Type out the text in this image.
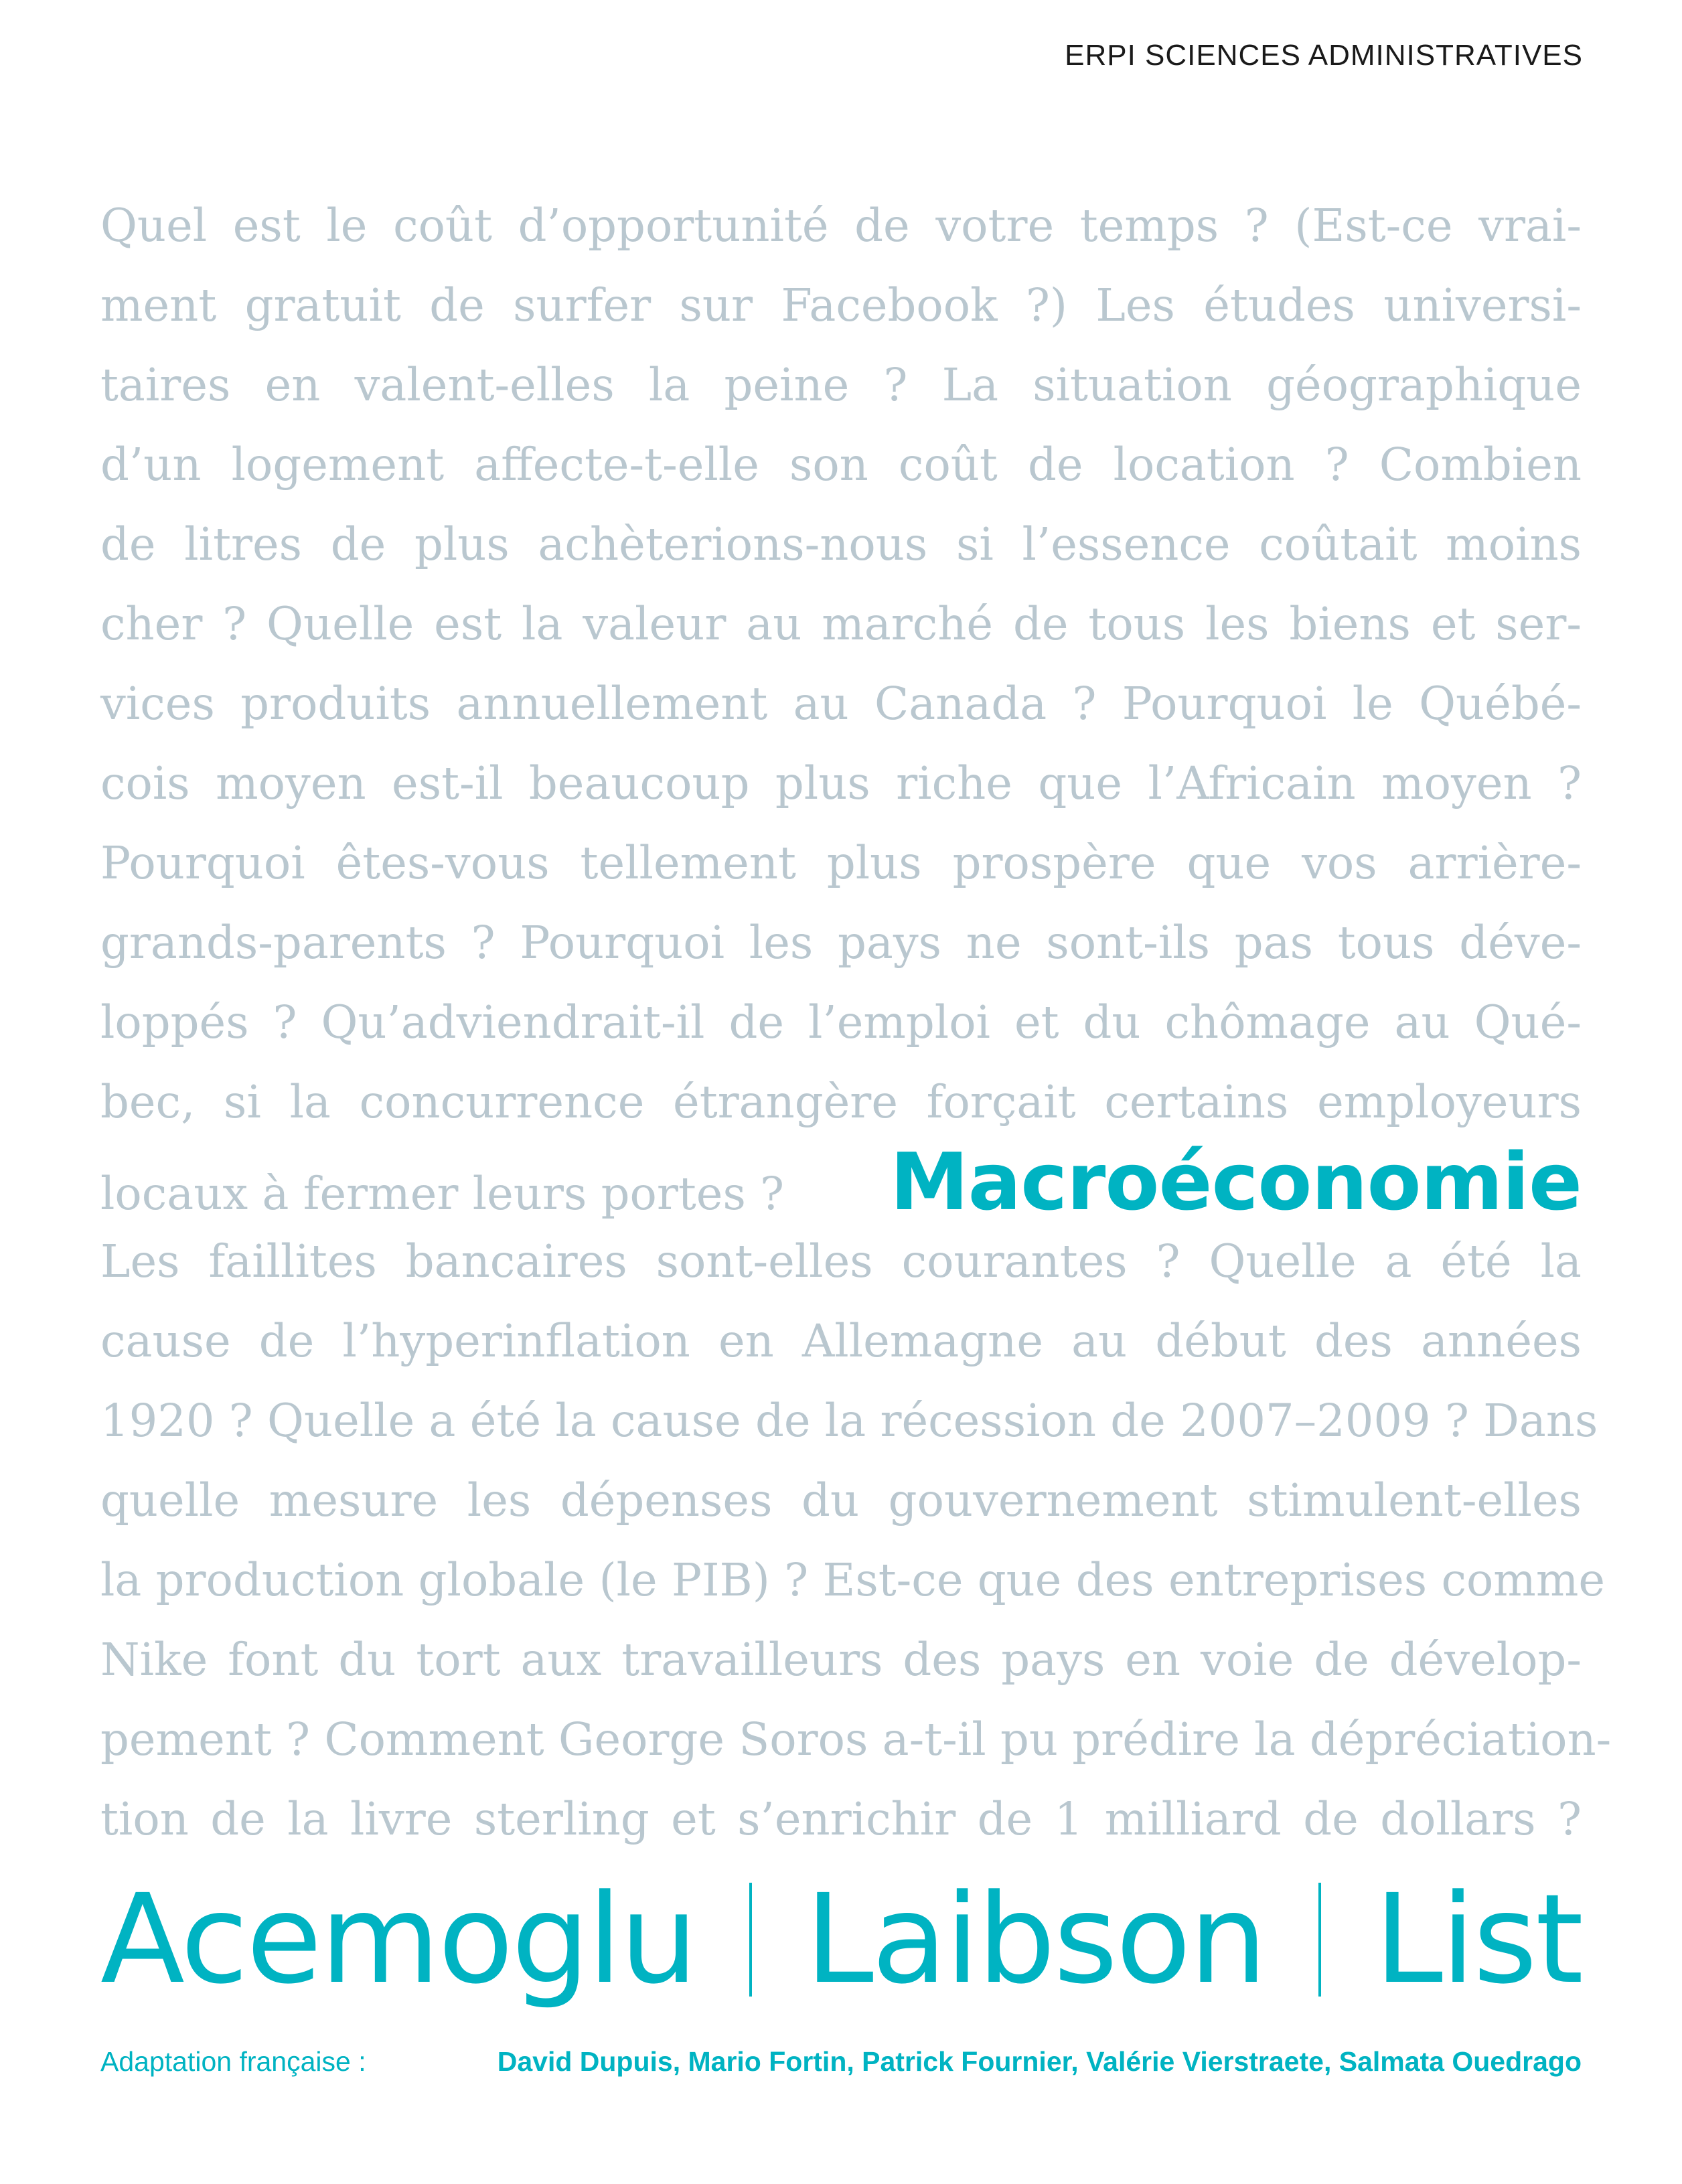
ERPI SCIENCES ADMINISTRATIVES
Quel est le coût d’opportunité de votre temps ? (Est-ce vrai-
ment gratuit de surfer sur Facebook ?) Les études universi-
taires en valent-elles la peine ? La situation géographique
d’un logement affecte-t-elle son coût de location ? Combien
de litres de plus achèterions-nous si l’essence coûtait moins
cher ? Quelle est la valeur au marché de tous les biens et ser-
vices produits annuellement au Canada ? Pourquoi le Québé-
cois moyen est-il beaucoup plus riche que l’Africain moyen ?
Pourquoi êtes-vous tellement plus prospère que vos arrière-
grands-parents ? Pourquoi les pays ne sont-ils pas tous déve-
loppés ? Qu’adviendrait-il de l’emploi et du chômage au Qué-
bec, si la concurrence étrangère forçait certains employeurs
locaux à fermer leurs portes ? Macroéconomie
Les faillites bancaires sont-elles courantes ? Quelle a été la
cause de l’hyperinflation en Allemagne au début des années
1920 ? Quelle a été la cause de la récession de 2007–2009 ? Dans
quelle mesure les dépenses du gouvernement stimulent-elles
la production globale (le PIB) ? Est-ce que des entreprises comme
Nike font du tort aux travailleurs des pays en voie de dévelop-
pement ? Comment George Soros a-t-il pu prédire la dépréciation-
tion de la livre sterling et s’enrichir de 1 milliard de dollars ?
Acemoglu Laibson List
Adaptation française :	David Dupuis, Mario Fortin, Patrick Fournier, Valérie Vierstraete, Salmata Ouedrago
